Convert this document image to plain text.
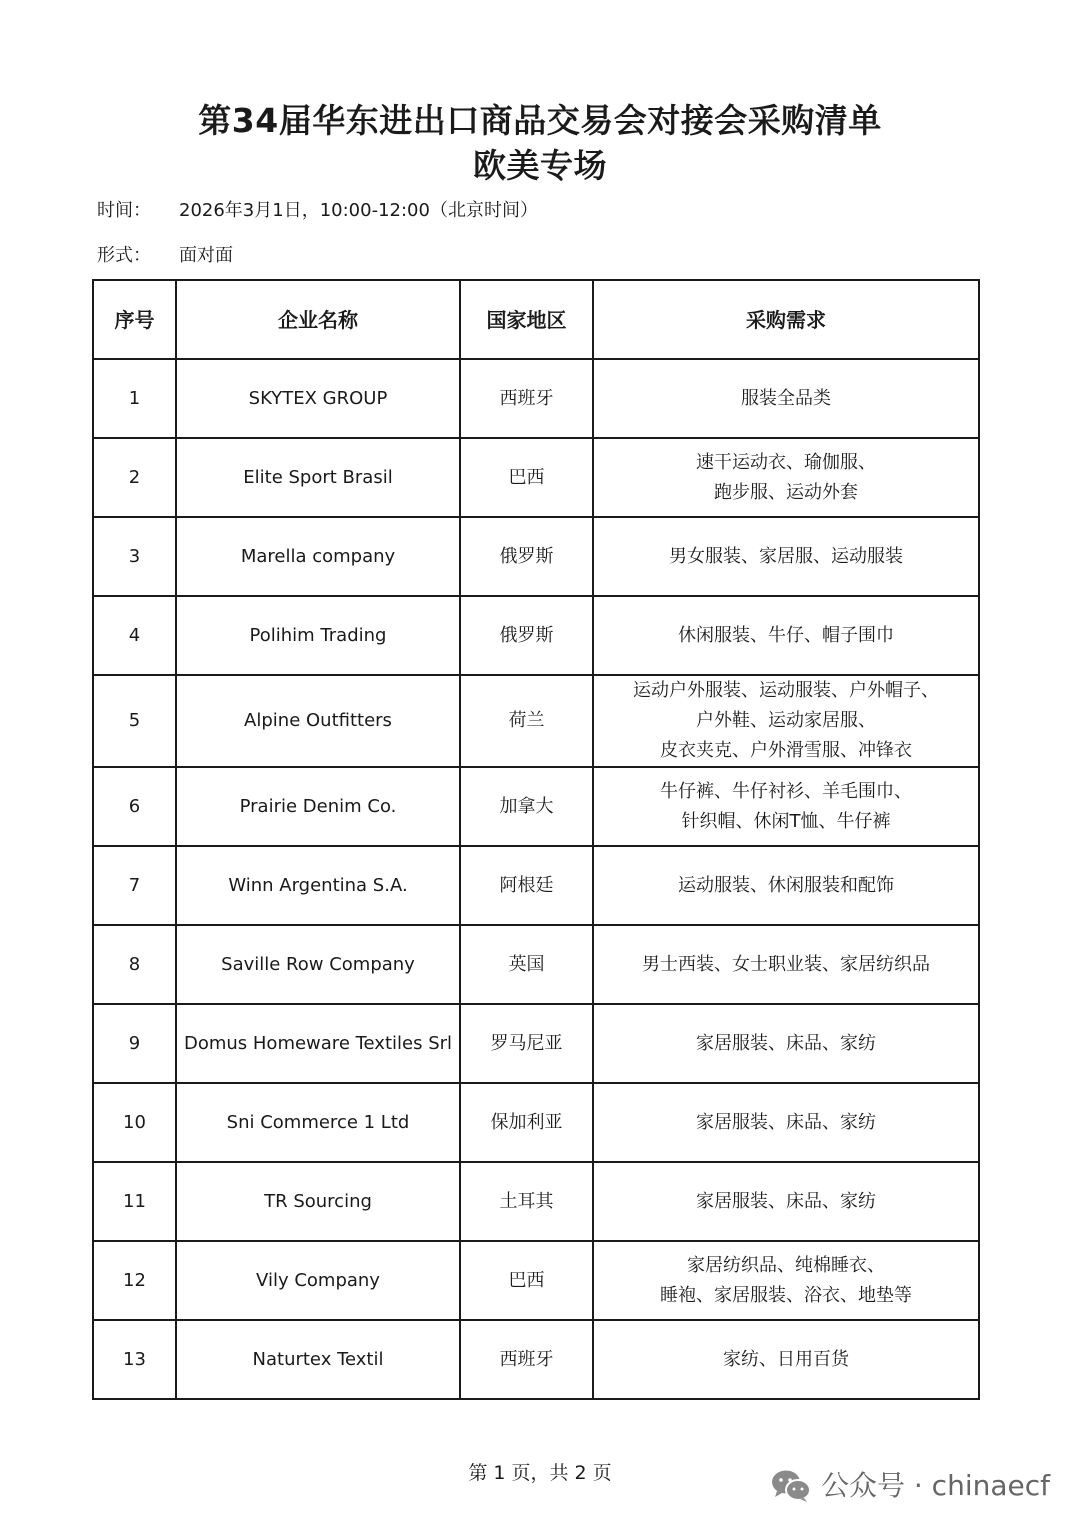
第34届华东进出口商品交易会对接会采购清单
欧美专场
时间：	2026年3月1日，10:00-12:00（北京时间）
形式：	面对面
序号	企业名称	国家地区	采购需求
1	SKYTEX GROUP	西班牙	服装全品类

2	Elite Sport Brasil	巴西	速干运动衣、瑜伽服、
跑步服、运动外套

3	Marella company	俄罗斯	男女服装、家居服、运动服装

4	Polihim Trading	俄罗斯	休闲服装、牛仔、帽子围巾

5	Alpine Outfitters	荷兰	运动户外服装、运动服装、户外帽子、
户外鞋、运动家居服、
皮衣夹克、户外滑雪服、冲锋衣

6	Prairie Denim Co.	加拿大	牛仔裤、牛仔衬衫、羊毛围巾、
针织帽、休闲T恤、牛仔裤

7	Winn Argentina S.A.	阿根廷	运动服装、休闲服装和配饰

8	Saville Row Company	英国	男士西装、女士职业装、家居纺织品

9	Domus Homeware Textiles Srl	罗马尼亚	家居服装、床品、家纺

10	Sni Commerce 1 Ltd	保加利亚	家居服装、床品、家纺

11	TR Sourcing	土耳其	家居服装、床品、家纺

12	Vily Company	巴西	家居纺织品、纯棉睡衣、
睡袍、家居服装、浴衣、地垫等

13	Naturtex Textil	西班牙	家纺、日用百货
第 1 页，共 2 页	公众号 · chinaecf
